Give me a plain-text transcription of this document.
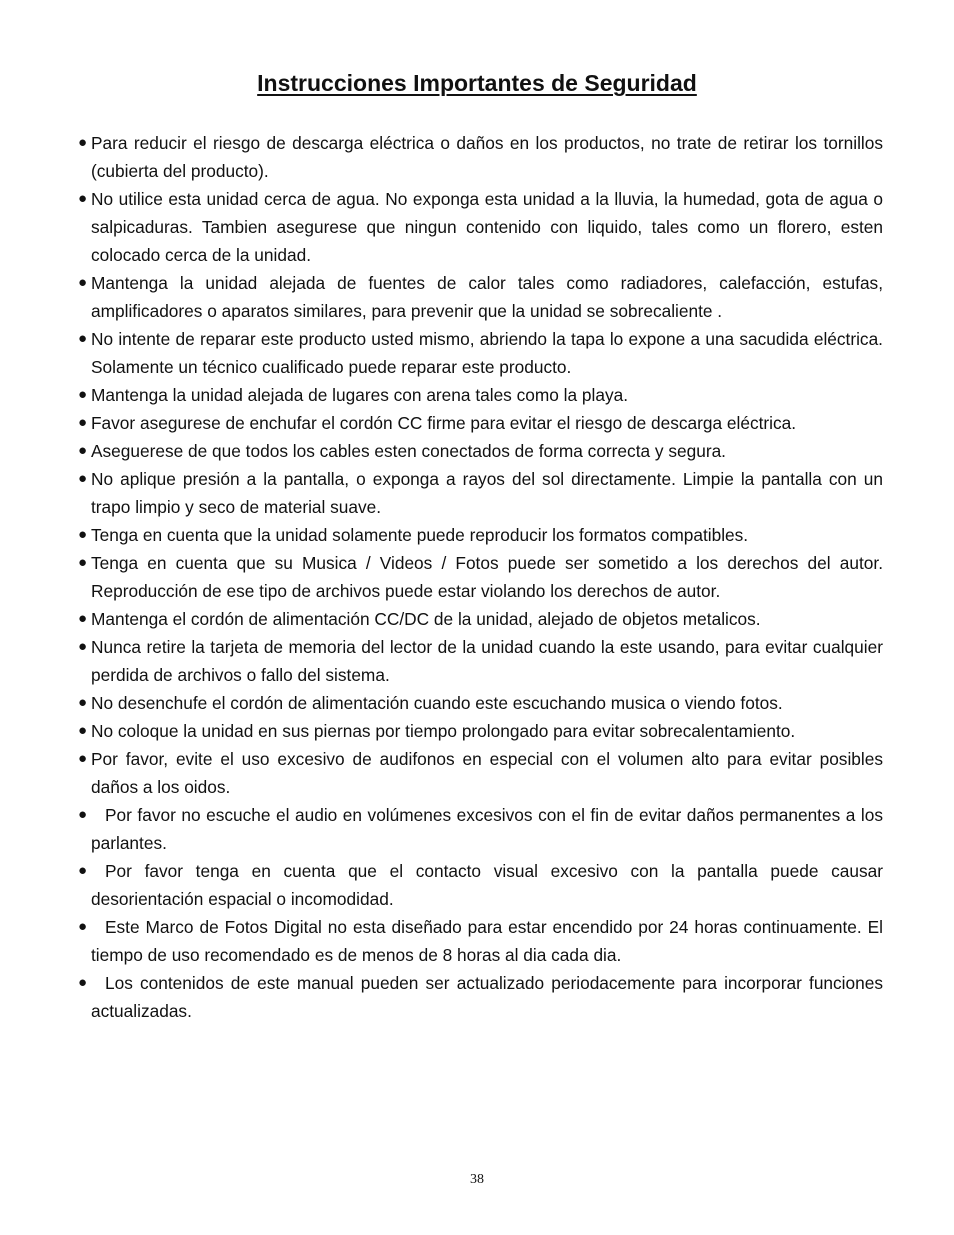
Instrucciones Importantes de Seguridad
● Para reducir el riesgo de descarga eléctrica o daños en los productos, no trate de retirar los tornillos (cubierta del producto).
● No utilice esta unidad cerca de agua. No exponga esta unidad a la lluvia, la humedad, gota de agua o salpicaduras. Tambien asegurese que ningun contenido con liquido, tales como un florero, esten colocado cerca de la unidad.
● Mantenga la unidad alejada de fuentes de calor tales como radiadores, calefacción, estufas, amplificadores o aparatos similares, para prevenir que la unidad se sobrecaliente .
● No intente de reparar este producto usted mismo, abriendo la tapa lo expone a una sacudida eléctrica. Solamente un técnico cualificado puede reparar este producto.
● Mantenga la unidad alejada de lugares con arena tales como la playa.
● Favor asegurese de enchufar el cordón CC firme para evitar el riesgo de descarga eléctrica.
● Aseguerese de que todos los cables esten conectados de forma correcta y segura.
● No aplique presión a la pantalla, o exponga a rayos del sol directamente. Limpie la pantalla con un trapo limpio y seco de material suave.
● Tenga en cuenta que la unidad solamente puede reproducir los formatos compatibles.
● Tenga en cuenta que su Musica / Videos / Fotos puede ser sometido a los derechos del autor. Reproducción de ese tipo de archivos puede estar violando los derechos de autor.
● Mantenga el cordón de alimentación CC/DC de la unidad, alejado de objetos metalicos.
● Nunca retire la tarjeta de memoria del lector de la unidad cuando la este usando, para evitar cualquier perdida de archivos o fallo del sistema.
● No desenchufe el cordón de alimentación cuando este escuchando musica o viendo fotos.
● No coloque la unidad en sus piernas por tiempo prolongado para evitar sobrecalentamiento.
● Por favor, evite el uso excesivo de audifonos en especial con el volumen alto para evitar posibles daños a los oidos.
● Por favor no escuche el audio en volúmenes excesivos con el fin de evitar daños permanentes a los parlantes.
● Por favor tenga en cuenta que el contacto visual excesivo con la pantalla puede causar desorientación espacial o incomodidad.
● Este Marco de Fotos Digital no esta diseñado para estar encendido por 24 horas continuamente. El tiempo de uso recomendado es de menos de 8 horas al dia cada dia.
● Los contenidos de este manual pueden ser actualizado periodacemente para incorporar funciones actualizadas.
38
